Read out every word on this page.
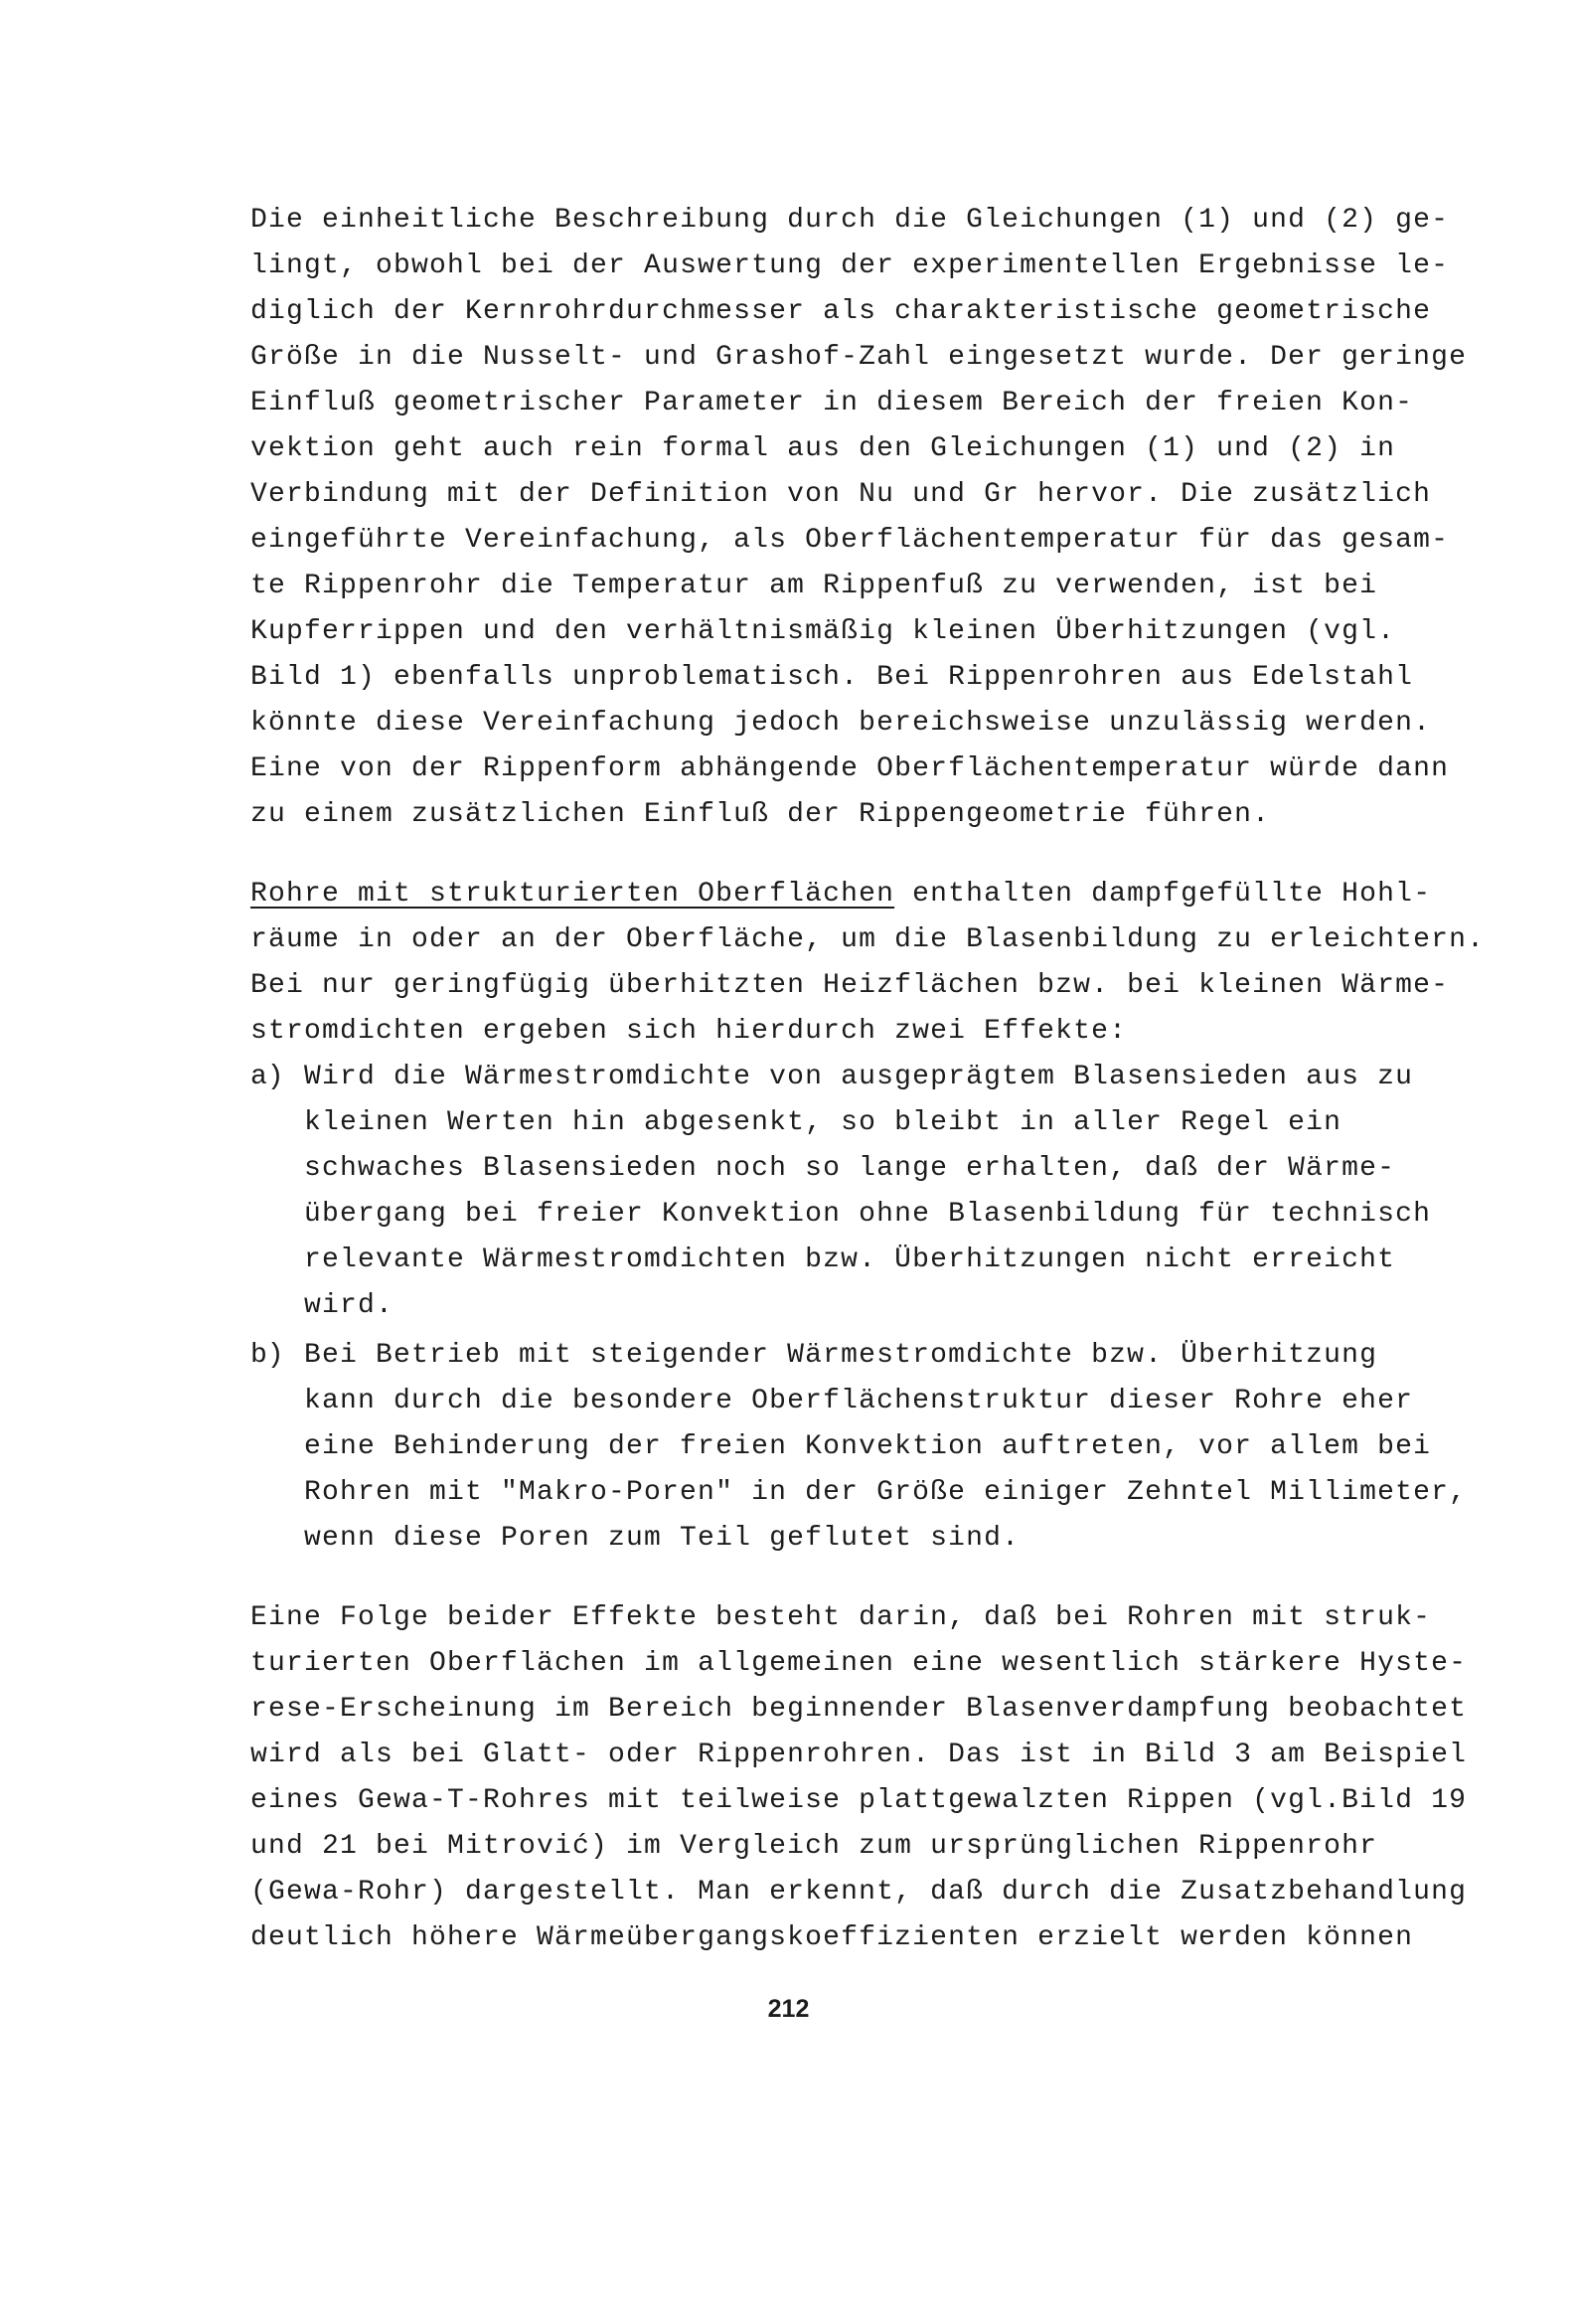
Die einheitliche Beschreibung durch die Gleichungen (1) und (2) ge-
lingt, obwohl bei der Auswertung der experimentellen Ergebnisse le-
diglich der Kernrohrdurchmesser als charakteristische geometrische
Größe in die Nusselt- und Grashof-Zahl eingesetzt wurde. Der geringe
Einfluß geometrischer Parameter in diesem Bereich der freien Kon-
vektion geht auch rein formal aus den Gleichungen (1) und (2) in
Verbindung mit der Definition von Nu und Gr hervor. Die zusätzlich
eingeführte Vereinfachung, als Oberflächentemperatur für das gesam-
te Rippenrohr die Temperatur am Rippenfuß zu verwenden, ist bei
Kupferrippen und den verhältnismäßig kleinen Überhitzungen (vgl.
Bild 1) ebenfalls unproblematisch. Bei Rippenrohren aus Edelstahl
könnte diese Vereinfachung jedoch bereichsweise unzulässig werden.
Eine von der Rippenform abhängende Oberflächentemperatur würde dann
zu einem zusätzlichen Einfluß der Rippengeometrie führen.
Rohre mit strukturierten Oberflächen enthalten dampfgefüllte Hohl-
räume in oder an der Oberfläche, um die Blasenbildung zu erleichtern.
Bei nur geringfügig überhitzten Heizflächen bzw. bei kleinen Wärme-
stromdichten ergeben sich hierdurch zwei Effekte:
a) Wird die Wärmestromdichte von ausgeprägtem Blasensieden aus zu
kleinen Werten hin abgesenkt, so bleibt in aller Regel ein
schwaches Blasensieden noch so lange erhalten, daß der Wärme-
übergang bei freier Konvektion ohne Blasenbildung für technisch
relevante Wärmestromdichten bzw. Überhitzungen nicht erreicht
wird.
b) Bei Betrieb mit steigender Wärmestromdichte bzw. Überhitzung
kann durch die besondere Oberflächenstruktur dieser Rohre eher
eine Behinderung der freien Konvektion auftreten, vor allem bei
Rohren mit "Makro-Poren" in der Größe einiger Zehntel Millimeter,
wenn diese Poren zum Teil geflutet sind.
Eine Folge beider Effekte besteht darin, daß bei Rohren mit struk-
turierten Oberflächen im allgemeinen eine wesentlich stärkere Hyste-
rese-Erscheinung im Bereich beginnender Blasenverdampfung beobachtet
wird als bei Glatt- oder Rippenrohren. Das ist in Bild 3 am Beispiel
eines Gewa-T-Rohres mit teilweise plattgewalzten Rippen (vgl.Bild 19
und 21 bei Mitrović) im Vergleich zum ursprünglichen Rippenrohr
(Gewa-Rohr) dargestellt. Man erkennt, daß durch die Zusatzbehandlung
deutlich höhere Wärmeübergangskoeffizienten erzielt werden können
212
